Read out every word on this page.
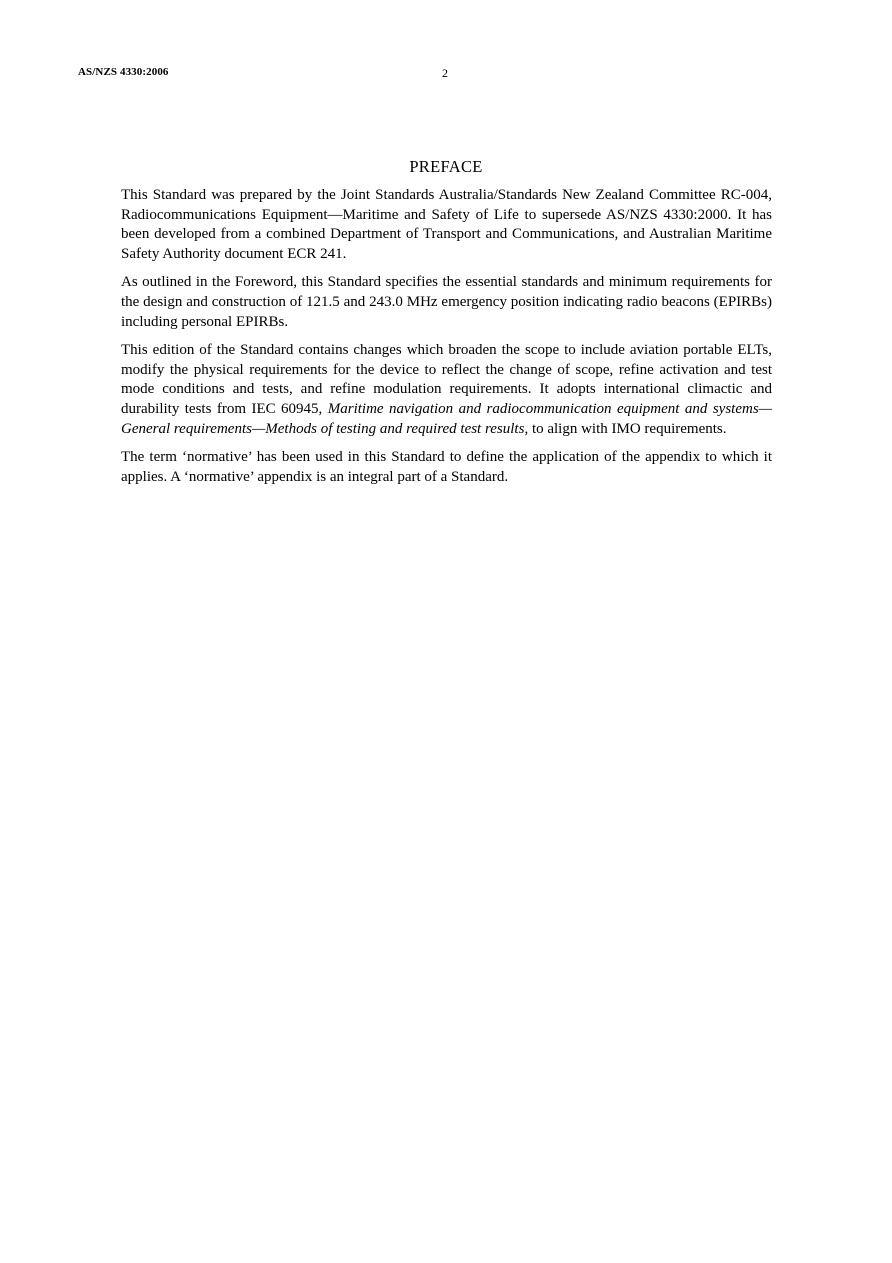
AS/NZS 4330:2006	2
PREFACE

This Standard was prepared by the Joint Standards Australia/Standards New Zealand Committee RC-004, Radiocommunications Equipment—Maritime and Safety of Life to supersede AS/NZS 4330:2000. It has been developed from a combined Department of Transport and Communications, and Australian Maritime Safety Authority document ECR 241.

As outlined in the Foreword, this Standard specifies the essential standards and minimum requirements for the design and construction of 121.5 and 243.0 MHz emergency position indicating radio beacons (EPIRBs) including personal EPIRBs.

This edition of the Standard contains changes which broaden the scope to include aviation portable ELTs, modify the physical requirements for the device to reflect the change of scope, refine activation and test mode conditions and tests, and refine modulation requirements. It adopts international climactic and durability tests from IEC 60945, Maritime navigation and radiocommunication equipment and systems—General requirements—Methods of testing and required test results, to align with IMO requirements.

The term ‘normative’ has been used in this Standard to define the application of the appendix to which it applies. A ‘normative’ appendix is an integral part of a Standard.
